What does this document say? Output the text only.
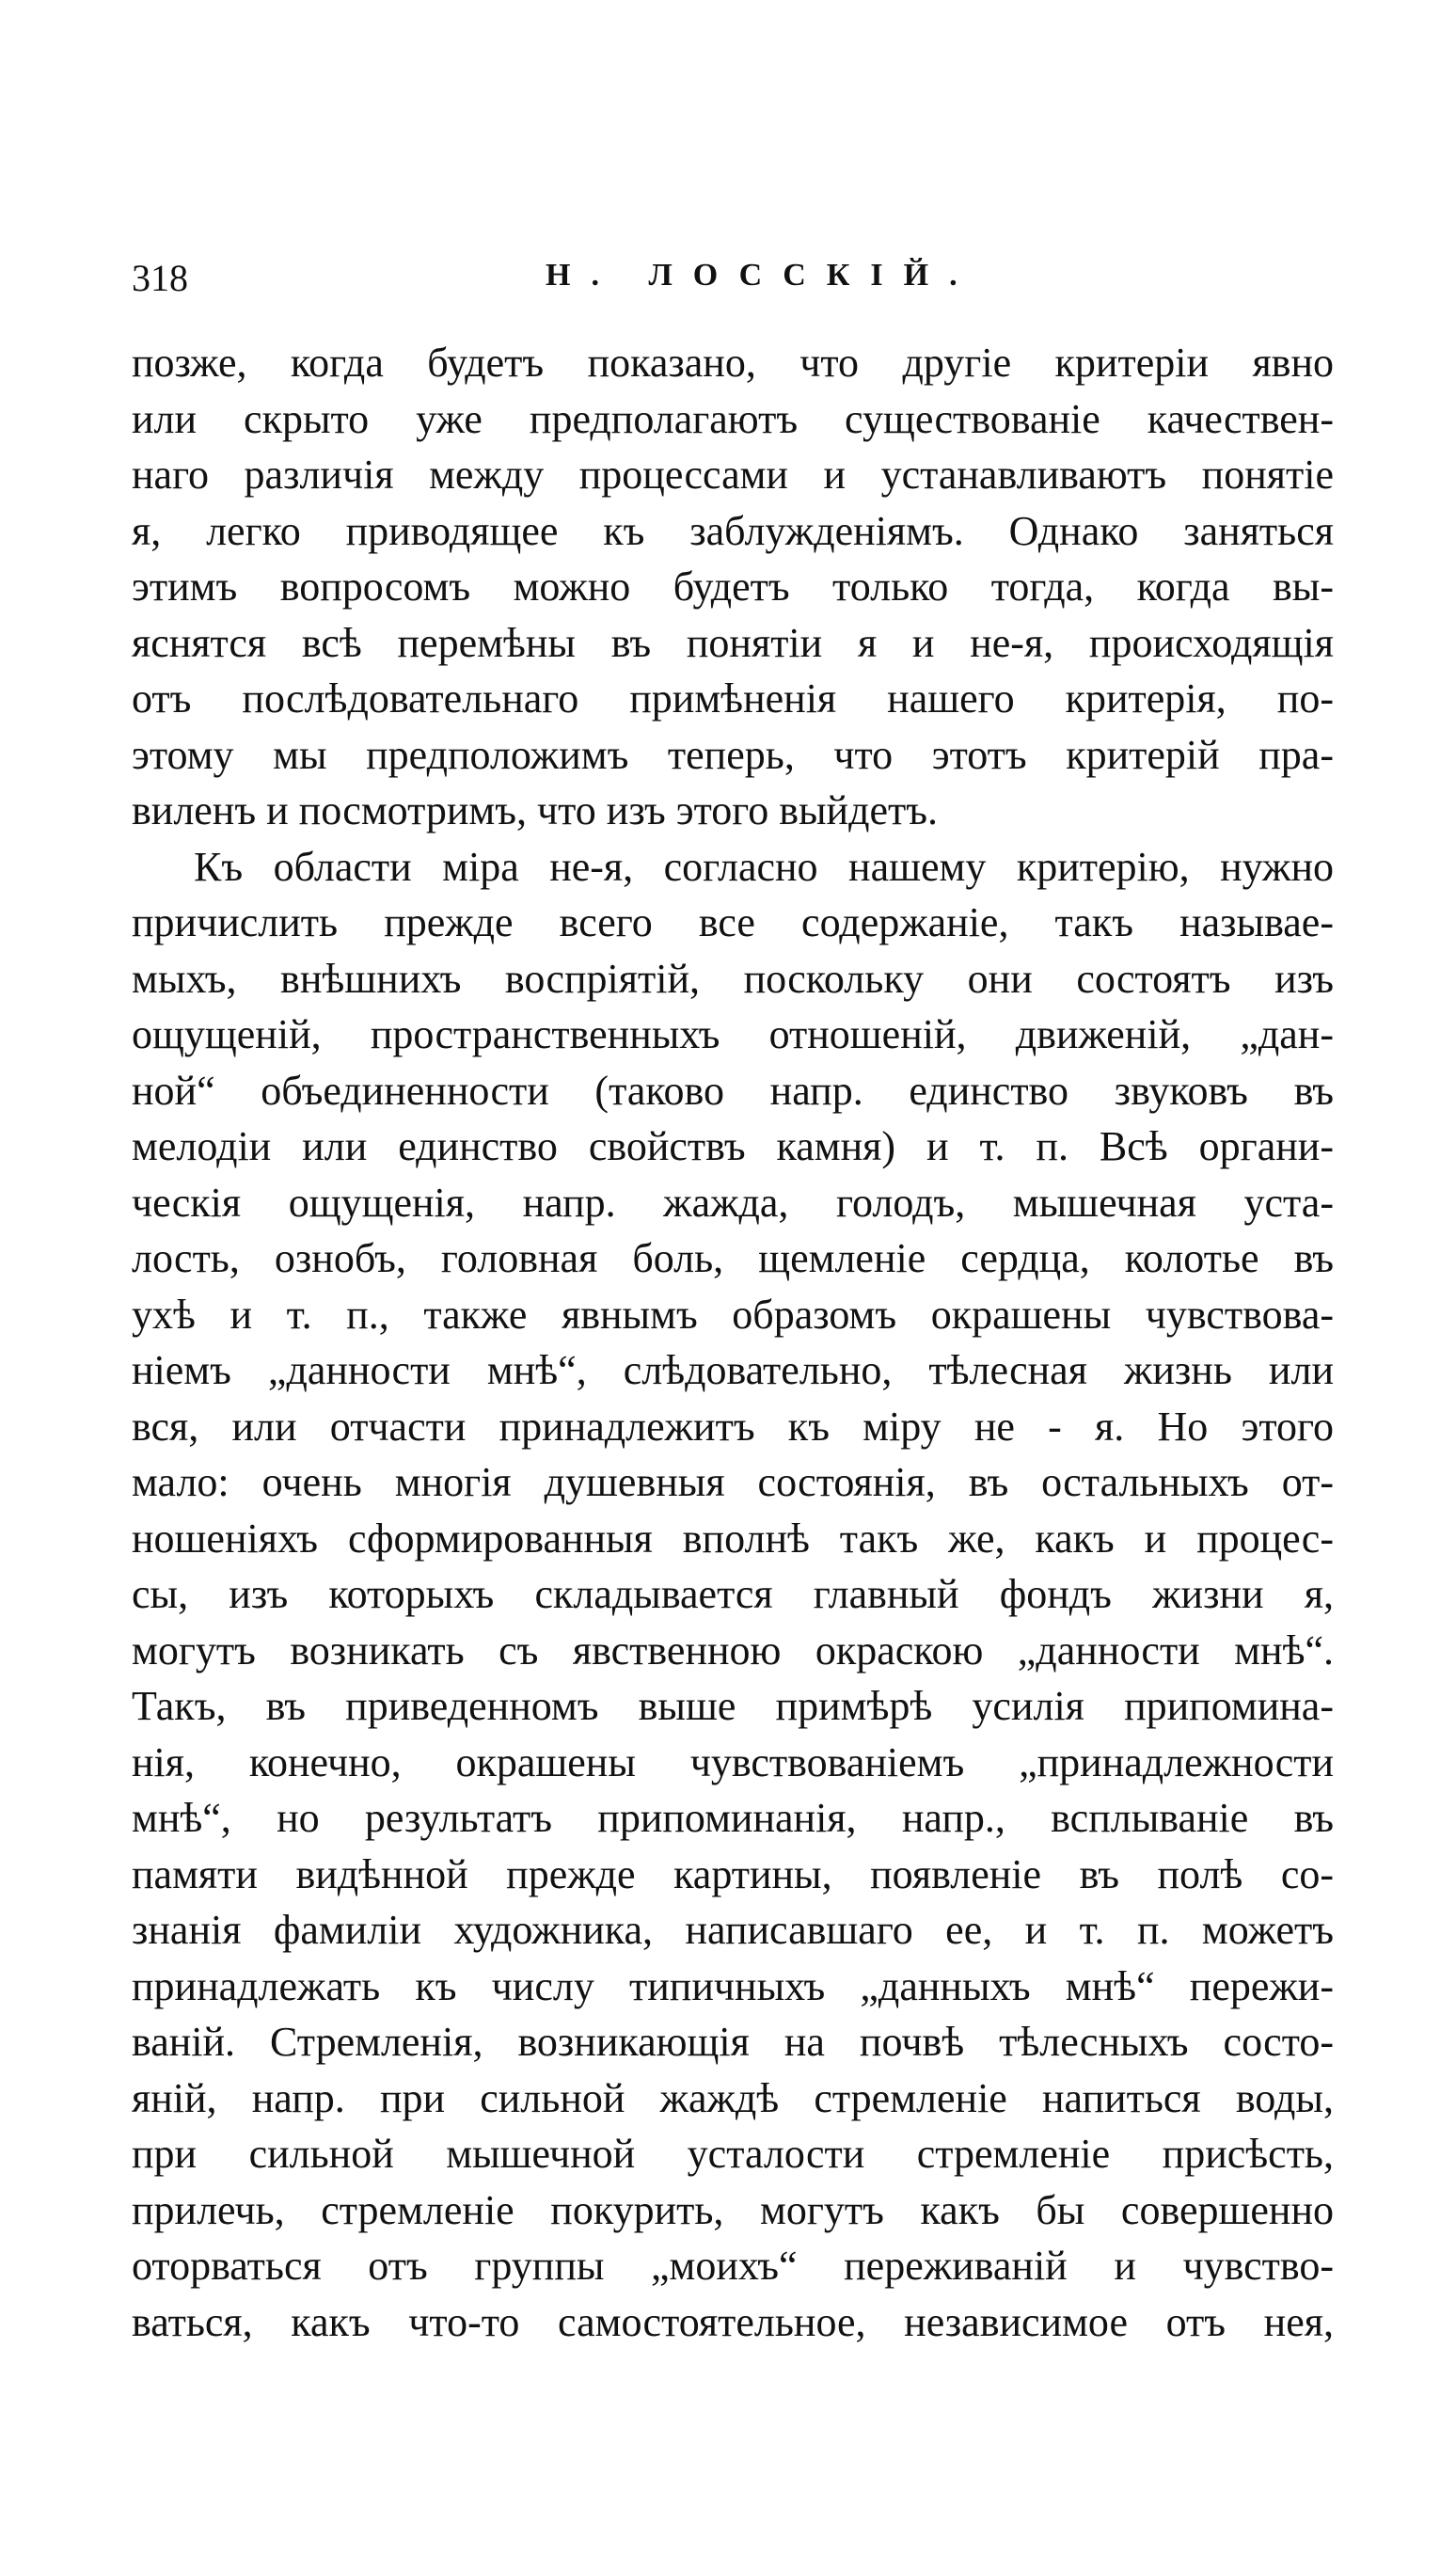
318	Н. ЛОССКІЙ.
позже, когда будетъ показано, что другіе критеріи явно
или скрыто уже предполагаютъ существованіе качествен-
наго различія между процессами и устанавливаютъ понятіе
я, легко приводящее къ заблужденіямъ. Однако заняться
этимъ вопросомъ можно будетъ только тогда, когда вы-
яснятся всѣ перемѣны въ понятіи я и не-я, происходящія
отъ послѣдовательнаго примѣненія нашего критерія, по-
этому мы предположимъ теперь, что этотъ критерій пра-
виленъ и посмотримъ, что изъ этого выйдетъ.
Къ области міра не-я, согласно нашему критерію, нужно
причислить прежде всего все содержаніе, такъ называе-
мыхъ, внѣшнихъ воспріятій, поскольку они состоятъ изъ
ощущеній, пространственныхъ отношеній, движеній, „дан-
ной“ объединенности (таково напр. единство звуковъ въ
мелодіи или единство свойствъ камня) и т. п. Всѣ органи-
ческія ощущенія, напр. жажда, голодъ, мышечная уста-
лость, ознобъ, головная боль, щемленіе сердца, колотье въ
ухѣ и т. п., также явнымъ образомъ окрашены чувствова-
ніемъ „данности мнѣ“, слѣдовательно, тѣлесная жизнь или
вся, или отчасти принадлежитъ къ міру не - я. Но этого
мало: очень многія душевныя состоянія, въ остальныхъ от-
ношеніяхъ сформированныя вполнѣ такъ же, какъ и процес-
сы, изъ которыхъ складывается главный фондъ жизни я,
могутъ возникать съ явственною окраскою „данности мнѣ“.
Такъ, въ приведенномъ выше примѣрѣ усилія припомина-
нія, конечно, окрашены чувствованіемъ „принадлежности
мнѣ“, но результатъ припоминанія, напр., всплываніе въ
памяти видѣнной прежде картины, появленіе въ полѣ со-
знанія фамиліи художника, написавшаго ее, и т. п. можетъ
принадлежать къ числу типичныхъ „данныхъ мнѣ“ пережи-
ваній. Стремленія, возникающія на почвѣ тѣлесныхъ состо-
яній, напр. при сильной жаждѣ стремленіе напиться воды,
при сильной мышечной усталости стремленіе присѣсть,
прилечь, стремленіе покурить, могутъ какъ бы совершенно
оторваться отъ группы „моихъ“ переживаній и чувство-
ваться, какъ что-то самостоятельное, независимое отъ нея,
